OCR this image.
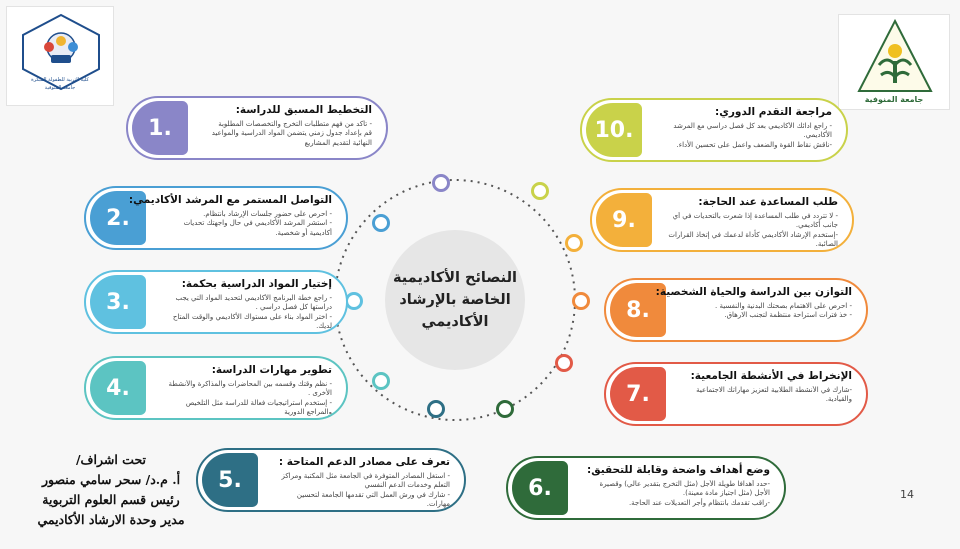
كلية التربية للطفولة المبكرة
جامعة المنوفية
جامعة المنوفية
النصائح الأكاديمية
الخاصة بالإرشاد
الأكاديمي
1.
التخطيط المسبق للدراسة:
- تأكد من فهم متطلبات التخرج والتخصصات المطلوبة
قم بإعداد جدول زمني يتضمن المواد الدراسية والمواعيد النهائية لتقديم المشاريع
2.
التواصل المستمر مع المرشد الأكاديمي:
- احرص على حضور جلسات الإرشاد بانتظام.
- استشر المرشد الأكاديمي في حال واجهتك تحديات أكاديمية أو شخصية.
3.
إختيار المواد الدراسية بحكمة:
- راجع خطة البرنامج الأكاديمي لتحديد المواد التي يجب دراستها كل فصل دراسي .
- اختر المواد بناء على مستواك الأكاديمي والوقت المتاح لديك.
4.
تطوير مهارات الدراسة:
- نظم وقتك وقسمه بين المحاضرات والمذاكرة والأنشطة الأخرى .
- إستخدم استراتيجيات فعالة للدراسة مثل التلخيص والمراجع الدورية
5.
تعرف على مصادر الدعم المتاحة :
- استغل المصادر المتوفرة في الجامعة مثل المكتبة ومراكز التعلم وخدمات الدعم النفسي
- شارك في ورش العمل التي تقدمها الجامعة لتحسين مهارات.
6.
وضع أهداف واضحة وقابلة للتحقيق:
-حدد أهدافا طويلة الأجل (مثل التخرج بتقدير عالي) وقصيرة الأجل (مثل اجتياز مادة معينة).
-راقب تقدمك بانتظام وأجر التعديلات عند الحاجة.
7.
الإنخراط في الأنشطة الجامعية:
-شارك في الأنشطة الطلابية لتعزيز مهاراتك الاجتماعية والقيادية.
8.
التوازن بين الدراسة والحياة الشخصية:
- احرص على الاهتمام بصحتك البدنية والنفسية .
- خذ فترات استراحة منتظمة لتجنب الارهاق.
9.
طلب المساعدة عند الحاجة:
- لا تتردد في طلب المساعدة إذا شعرت بالتحديات في أي جانب أكاديمي.
-إستخدم الإرشاد الأكاديمي كأداة لدعمك في إتخاذ القرارات الصائبة.
10.
مراجعة التقدم الدوري:
- راجع ادائك الأكاديمي بعد كل فصل دراسي مع المرشد الأكاديمي.
-ناقش نقاط القوة والضعف واعمل على تحسين الأداء.
تحت اشراف/
أ. م.د/ سحر سامي منصور
رئيس قسم العلوم التربوية
مدير وحدة الارشاد الأكاديمي
14
